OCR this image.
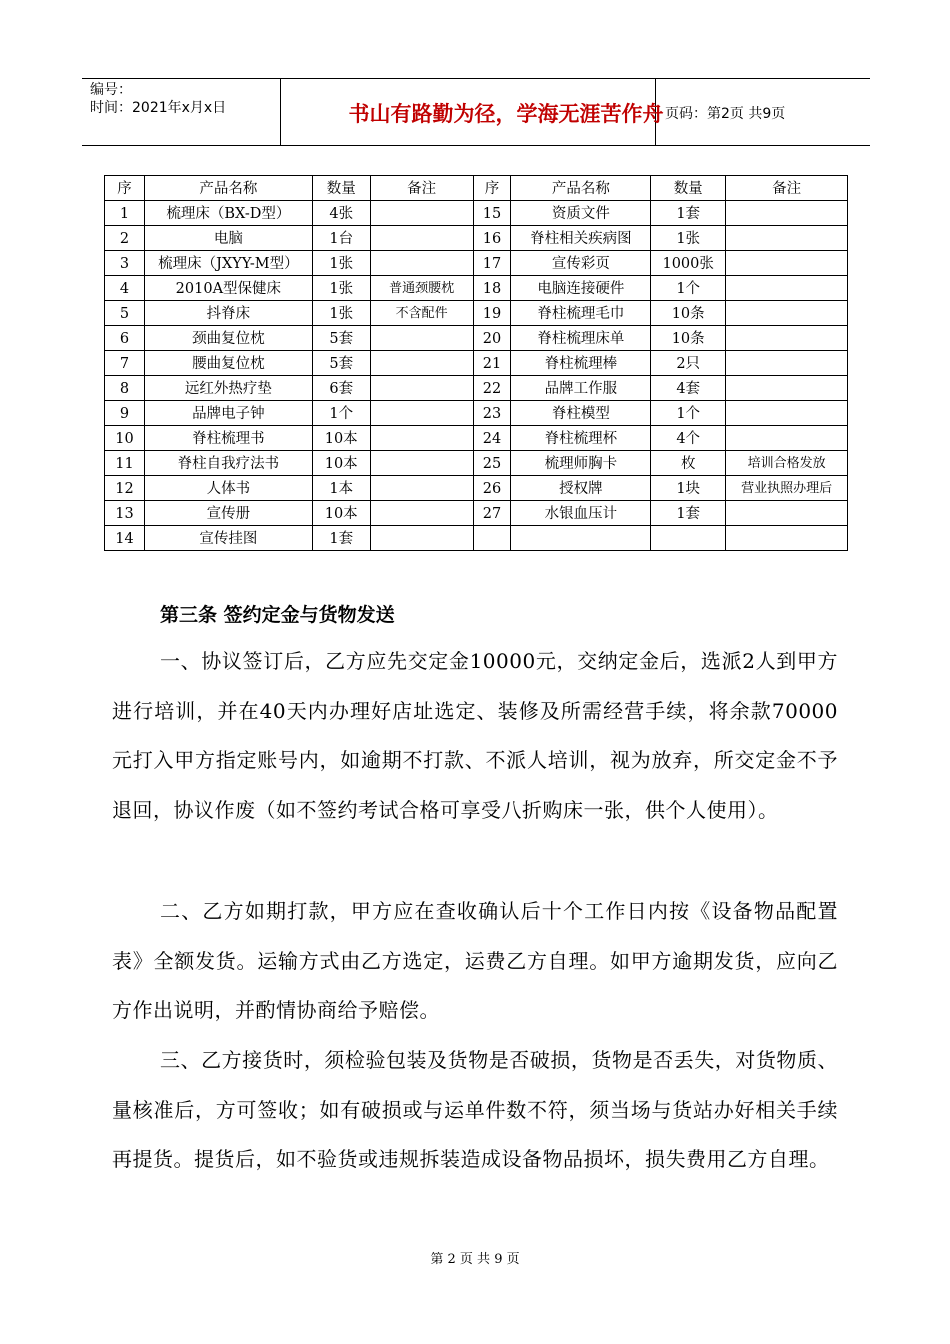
编号：
时间：2021年x月x日	书山有路勤为径，学海无涯苦作舟 页码：第2页 共9页
序	产品名称	数量	备注	序	产品名称	数量	备注
1	梳理床（BX-D型）	4张		15	资质文件	1套	
2	电脑	1台		16	脊柱相关疾病图	1张	
3	梳理床（JXYY-M型）	1张		17	宣传彩页	1000张	
4	2010A型保健床	1张	普通颈腰枕	18	电脑连接硬件	1个	
5	抖脊床	1张	不含配件	19	脊柱梳理毛巾	10条	
6	颈曲复位枕	5套		20	脊柱梳理床单	10条	
7	腰曲复位枕	5套		21	脊柱梳理棒	2只	
8	远红外热疗垫	6套		22	品牌工作服	4套	
9	品牌电子钟	1个		23	脊柱模型	1个	
10	脊柱梳理书	10本		24	脊柱梳理杯	4个	
11	脊柱自我疗法书	10本		25	梳理师胸卡	枚	培训合格发放
12	人体书	1本		26	授权牌	1块	营业执照办理后
13	宣传册	10本		27	水银血压计	1套	
14	宣传挂图	1套					
第三条 签约定金与货物发送
一、协议签订后，乙方应先交定金10000元，交纳定金后，选派2人到甲方进行培训，并在40天内办理好店址选定、装修及所需经营手续，将余款70000元打入甲方指定账号内，如逾期不打款、不派人培训，视为放弃，所交定金不予退回，协议作废（如不签约考试合格可享受八折购床一张，供个人使用）。
二、乙方如期打款，甲方应在查收确认后十个工作日内按《设备物品配置表》全额发货。运输方式由乙方选定，运费乙方自理。如甲方逾期发货，应向乙方作出说明，并酌情协商给予赔偿。
三、乙方接货时，须检验包装及货物是否破损，货物是否丢失，对货物质、量核准后，方可签收；如有破损或与运单件数不符，须当场与货站办好相关手续再提货。提货后，如不验货或违规拆装造成设备物品损坏，损失费用乙方自理。
第 2 页 共 9 页
